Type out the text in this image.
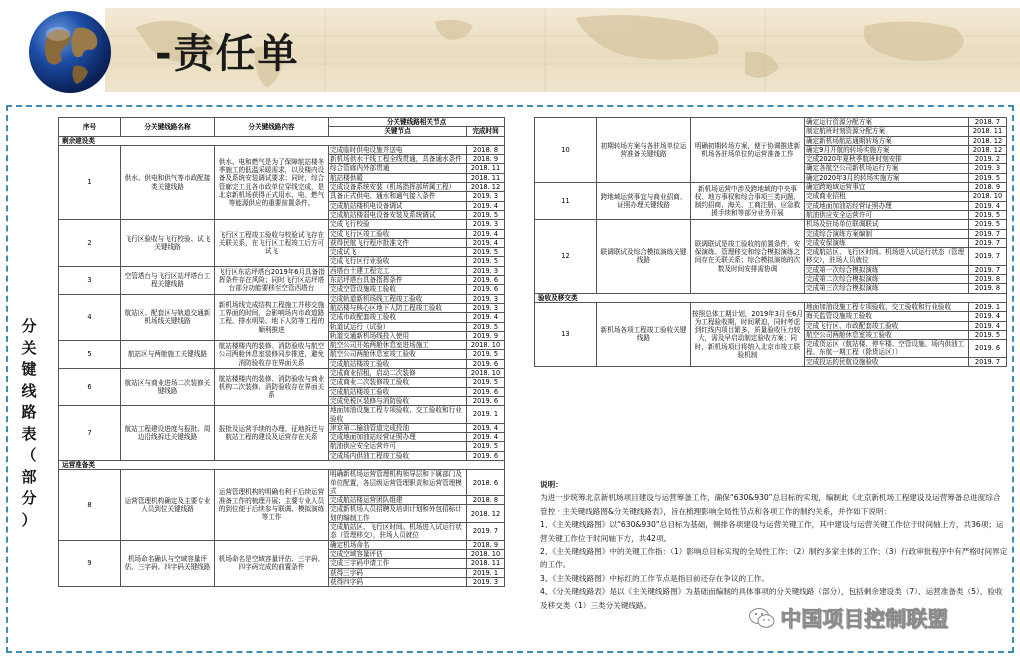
-责任单
分
关
键
线
路
表
（
部
分
）
序号	分关键线路名称	分关键线路内容	分关键线路相关节点	
			关键节点	完成时间
剩余建设类				
1	供水、供电和供气等市政配接类关键线路	供水、电和燃气是为了保障航站楼冬季施工的低温采暖需求，以及楼内设备及系统安装调试要求；同时，综合管廊完工且各市政单位穿线完成，是北京新机场获得正式用水、电、燃气等能源供应的重要前置条件。	完成临时供电设施并送电	2018. 8
			新机场供水干线工程全线贯通，具备通水条件	2018. 9
			综合管廊内外部贯通	2018. 11
			航站楼供暖	2018. 11
			完成设备系统安装（机场指挥部所属工程）	2018. 12
			具备正式供电、通水和通气接入条件	2019. 3
			完成航站楼机电设备调试	2019. 4
			完成航站楼弱电设备安装及系统调试	2019. 5
2	飞行区验收与飞行校验、试飞关键线路	飞行区工程竣工验收与校验试飞存在关联关系，在飞行区工程竣工后方可试飞	完成飞行校验	2019. 3
			完成飞行区竣工验收	2019. 4
			获得民航飞行程序批准文件	2019. 4
			完成试飞	2019. 5
			完成飞行区行业验收	2019. 5
3	空管塔台与飞行区站坪塔台工程关键线路	飞行区东站坪塔台2019年6月具备指挥条件存在风险；同时飞行区站坪塔台部分功能要移至空管西塔台	西塔台土建工程完工	2019. 3
			东站坪塔台具备指挥条件	2019. 6
			完成空管设施竣工验收	2019. 6
4	航站区、配套区与轨道交通新机场线关键线路	新机场线完成结构工程施工并移交施工界面的时间，会影响场内市政道路工程、排水明渠、地下人防等工程的顺利推进	完成轨道新机场线工程竣工验收	2019. 3
			航站楼与核心区地下人防工程竣工验收	2019. 3
			完成市政配套竣工验收	2019. 4
			轨道试运行（试验）	2019. 5
			轨道交通新机场线投入使用	2019. 9
5	航站区与两舱施工关键线路	航站楼楼内的装修、消防验收与航空公司两舱休息室装修同步推进，避免消防验收存在界面关系	航空公司开始两舱休息室进场施工	2018. 10
			航空公司两舱休息室竣工验收	2019. 5
			完成航站楼竣工验收	2019. 6
6	航站区与商业进场二次装修关键线路	航站楼楼内的装修、消防验收与商业机构二次装修、消防验收存在界面关系	完成商业招租，启动二次装修	2018. 10
			完成商业二次装修竣工验收	2019. 5
			完成航站楼竣工验收	2019. 6
			完成免税区装修与消防验收	2019. 6
7	航站工程建设进度与报批、周边沿线拆迁关键线路	报批及运营手续的办理、征地拆迁与航站工程的建设及运营存在关系	地面加油设施工程专项验收、交工验收和行业验收	2019. 1
			津京第二输油管道完成投油	2019. 4
			完成地面加油站经营证照办理	2019. 4
			航油供应安全运营许可	2019. 5
			完成场内供油工程竣工验收	2019. 6
运营准备类				
8	运营管理机构确定及主要专业人员到位关键线路	运营管理机构的明确有利于后续运营准备工作的梳理开展；主要专业人员的到位便于后续参与联调、模拟演练等工作	明确新机场运营管理机构领导层和下属部门及单位配置，各层级运营管理职责和运营管理模式	2018. 6
			完成航站楼运营团队组建	2018. 8
			完成新机场人员招聘及培训计划和外包招标计划的编制工作	2018. 12
			完成航站区、飞行区时间。机场进入试运行状态（管理移交），驻场人员就位	2019. 7
9	机场命名确认与空域容量评估、三字码、四字码关键线路	机场命名是空域容量评估、三字码、四字码完成的前置条件	确定机场命名	2018. 9
			完成空域容量评估	2018. 10
			完成三字码申请工作	2018. 11
			获得三字码	2019. 1
			获得四字码	2019. 3
10	初期转场方案与各驻场单位运营准备关键线路	明确初期转场方案，便于协调推进新机场各驻场单位的运营准备工作	确定运行资源分配方案	2018. 7
			制定航班时刻资源分配方案	2018. 11
			确定新机场航站通期转场方案	2018. 12
			确定9月开航的转场实施方案	2018. 12
			完成2020年夏秋季航班时刻安排	2019. 2
			确定各航空公司新机场运行方案	2019. 3
			确定2020年3月的转场实施方案	2019. 5
11	跨地域运营事宜与商业招商、证照办理关键线路	新机场运营中涉及跨地域的中央事权、地方事权和综合事项三类问题，制约招商、海关、工商注册、应急救援手续和等部分业务开展	确定跨地域运营事宜	2018. 9
			完成商业招租	2018. 10
			完成地面加油站经营证照办理	2019. 4
			航油供应安全运营许可	2019. 5
12	联调联试及综合模拟演练关键线路	联调联试是竣工验收的前置条件，安保演练、管理移交和综合模拟演练之间存在关联关系；综合模拟演练的次数及时间安排需协调	机场及驻场单位联调联试	2019. 5
			完成综合演练方案编制	2019. 7
			完成安保演练	2019. 7
			完成航站区、飞行区时间。机场进入试运行状态（管理移交），驻场人员就位	2019. 7
			完成第一次综合模拟演练	2019. 7
			完成第二次综合模拟演练	2019. 8
			完成第三次综合模拟演练	2019. 8
验收及移交类				
13	新机场各项工程竣工验收关键线路	按照总体工期计划，2019年3月至6月为工程验收期，时间紧迫，同时考虑到红线内项目繁多，质量验收压力较大，需及早启动制定验收方案；同时，新机场项目将纳入北京市竣工联验机制	地面加油设施工程专项验收、交工验收和行业验收	2019. 1
			海关监管设施竣工验收	2019. 4
			完成飞行区、市政配套竣工验收	2019. 4
			航空公司两舱休息室竣工验收	2019. 5
			完成货运区（航站楼、停车楼、空管设施、场内供油工程、东航一期工程（除货运区））	2019. 6
			完成投运的民航设施验收	2019. 7

说明：

为进一步统筹北京新机场项目建设与运营筹备工作，确保“630&930”总目标的实现，编制此《北京新机场工程建设及运营筹备总进度综合管控 · 主关键线路图&分关键线路表》，旨在梳理影响全局性节点和各项工作的制约关系，并作如下说明：

1、《主关键线路图》以“630&930”总目标为基础，侧排各项建设与运营关键工作，其中建设与运营关键工作位于时间轴上方，共36项；运营关键工作位于时间轴下方，共42项。

2、《主关键线路图》中的关键工作指：（1）影响总目标实现的全局性工作；（2）制约多家主体的工作；（3）行政审批程序中有严格时间界定的工作。

3、《主关键线路图》中标红的工作节点是指目前还存在争议的工作。

4、《分关键线路表》是以《主关键线路图》为基础而编制的具体事项的分关键线路（部分），包括剩余建设类（7）、运营准备类（5）、验收及移交类（1）三类分关键线路。

中国项目控制联盟
